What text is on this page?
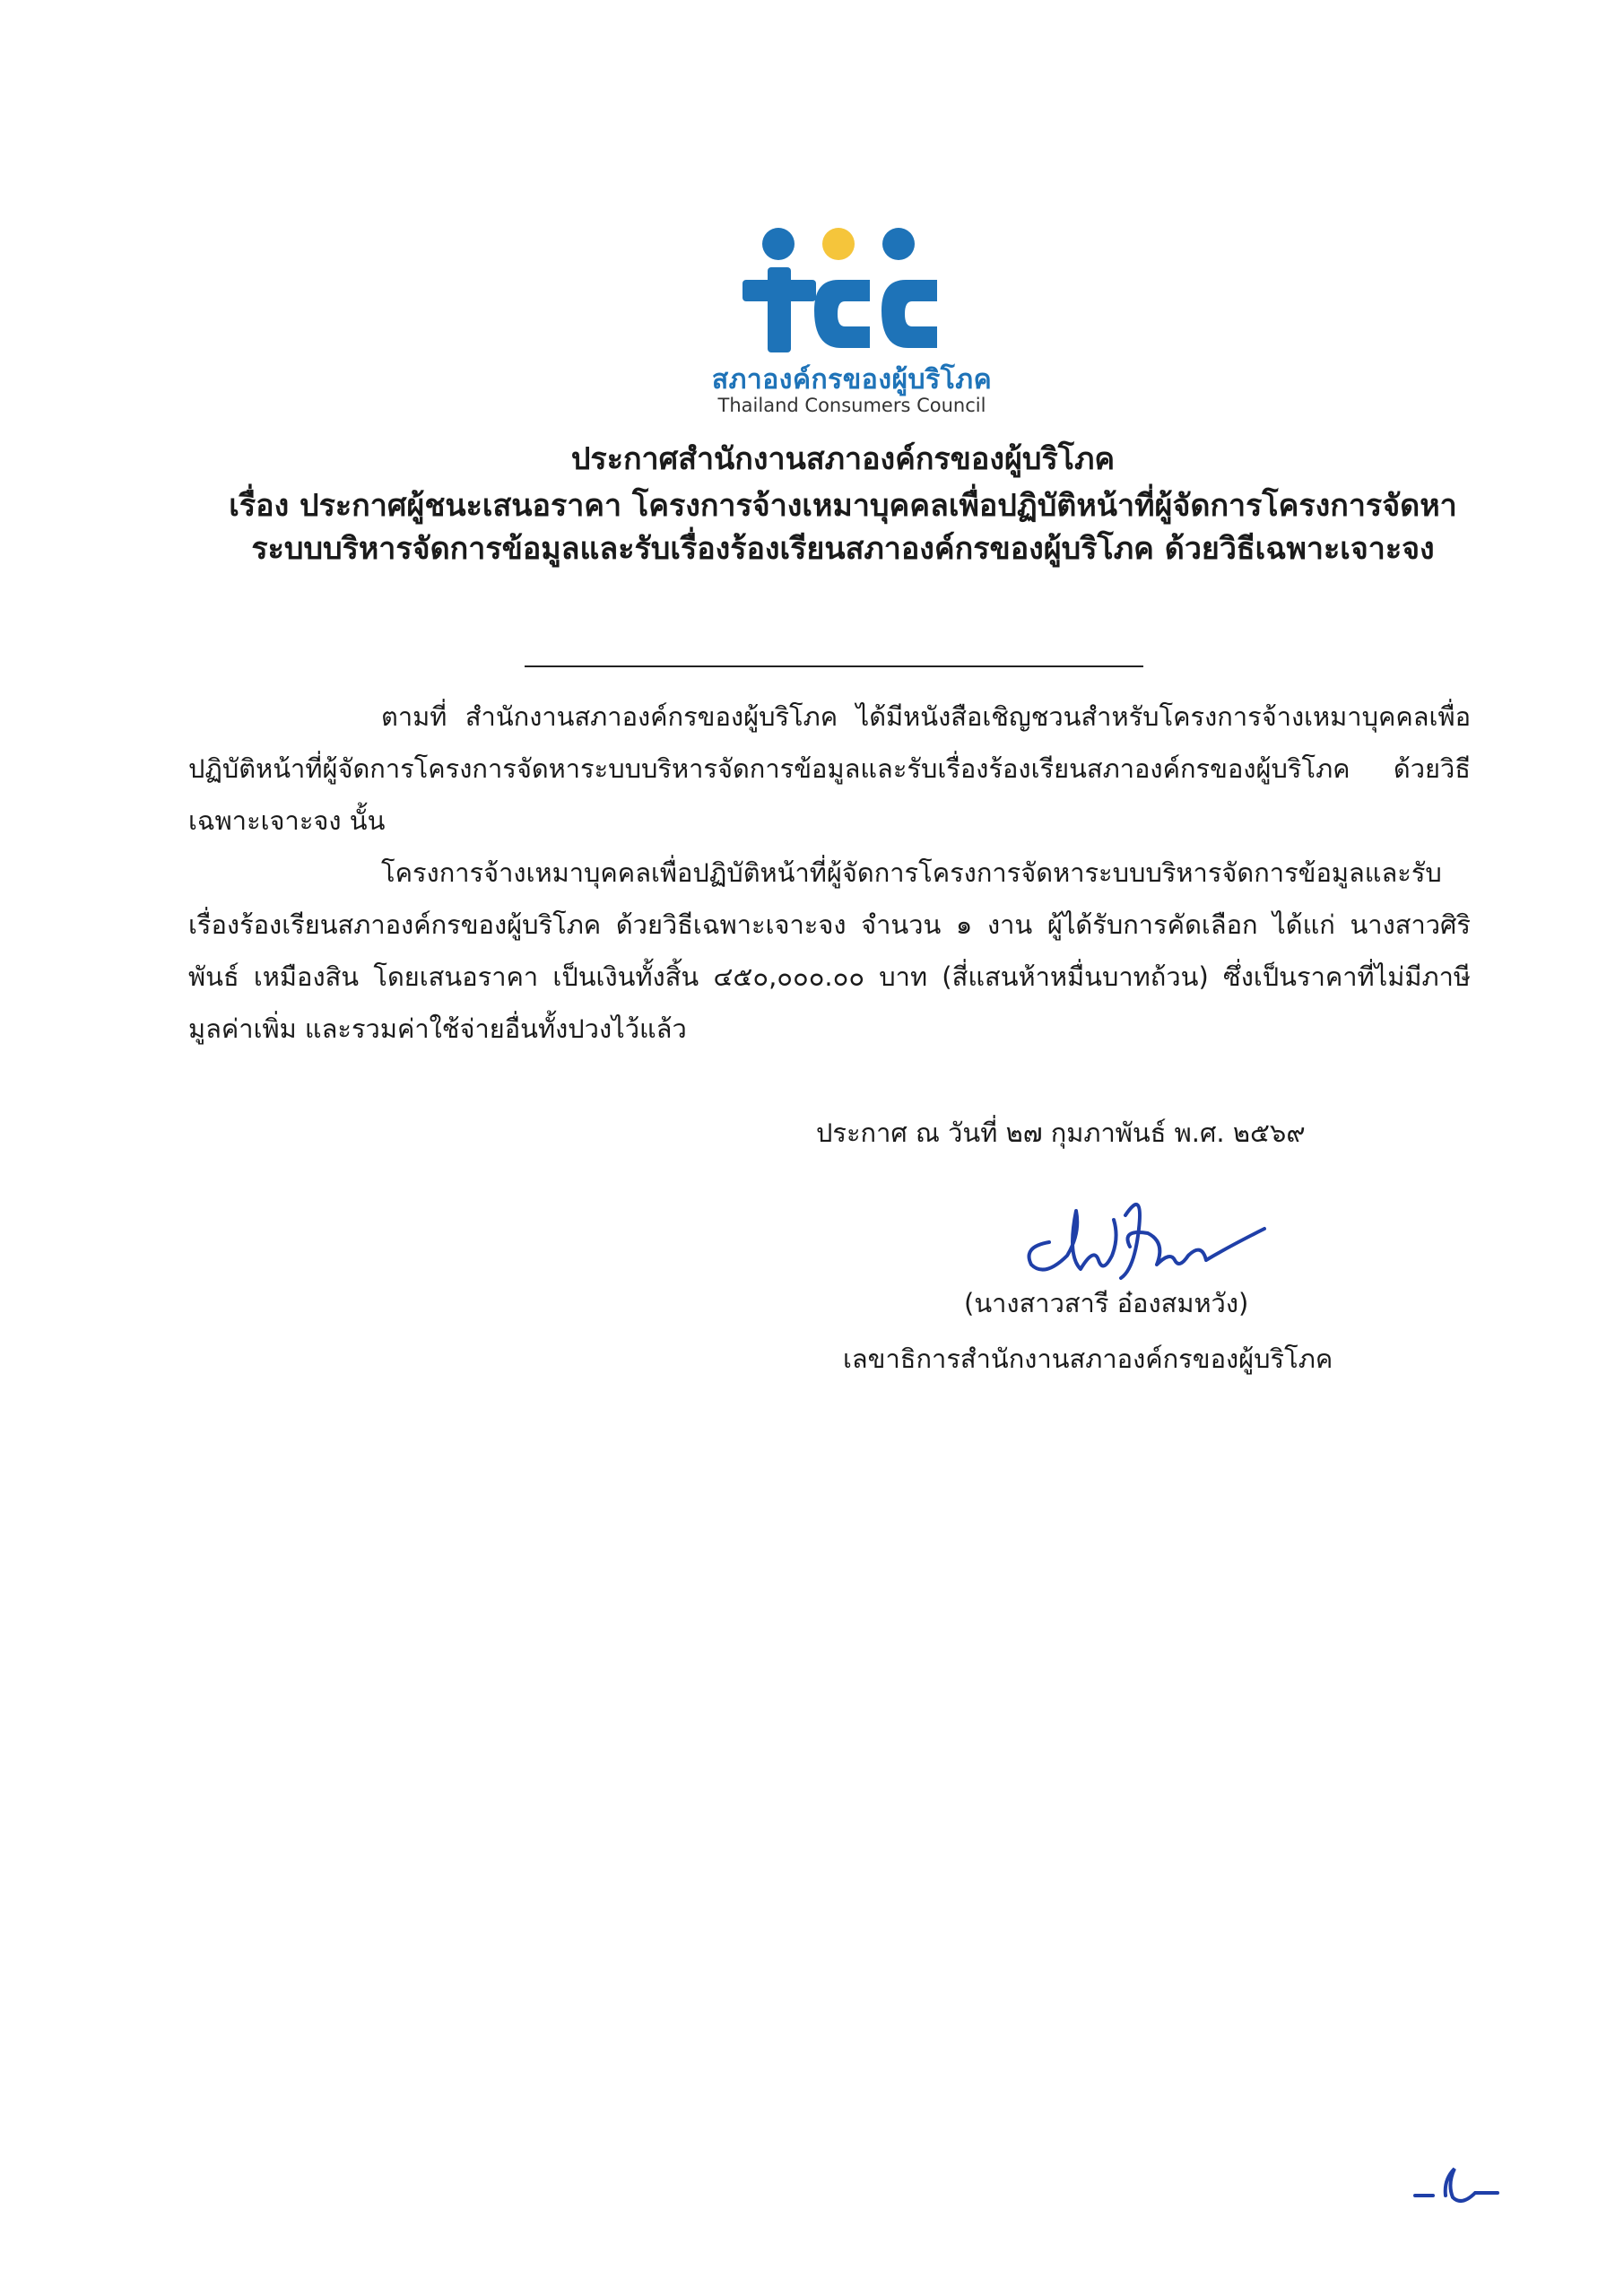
สภาองค์กรของผู้บริโภค
Thailand Consumers Council
ประกาศสำนักงานสภาองค์กรของผู้บริโภค
เรื่อง ประกาศผู้ชนะเสนอราคา โครงการจ้างเหมาบุคคลเพื่อปฏิบัติหน้าที่ผู้จัดการโครงการจัดหา
ระบบบริหารจัดการข้อมูลและรับเรื่องร้องเรียนสภาองค์กรของผู้บริโภค ด้วยวิธีเฉพาะเจาะจง

ตามที่ สำนักงานสภาองค์กรของผู้บริโภค ได้มีหนังสือเชิญชวนสำหรับโครงการจ้างเหมาบุคคลเพื่อปฏิบัติหน้าที่ผู้จัดการโครงการจัดหาระบบบริหารจัดการข้อมูลและรับเรื่องร้องเรียนสภาองค์กรของผู้บริโภค ด้วยวิธีเฉพาะเจาะจง นั้น

โครงการจ้างเหมาบุคคลเพื่อปฏิบัติหน้าที่ผู้จัดการโครงการจัดหาระบบบริหารจัดการข้อมูลและรับเรื่องร้องเรียนสภาองค์กรของผู้บริโภค ด้วยวิธีเฉพาะเจาะจง จำนวน ๑ งาน ผู้ได้รับการคัดเลือก ได้แก่ นางสาวศิริพันธ์ เหมืองสิน โดยเสนอราคา เป็นเงินทั้งสิ้น ๔๕๐,๐๐๐.๐๐ บาท (สี่แสนห้าหมื่นบาทถ้วน) ซึ่งเป็นราคาที่ไม่มีภาษีมูลค่าเพิ่ม และรวมค่าใช้จ่ายอื่นทั้งปวงไว้แล้ว

ประกาศ ณ วันที่ ๒๗ กุมภาพันธ์ พ.ศ. ๒๕๖๙
(นางสาวสารี อ๋องสมหวัง)
เลขาธิการสำนักงานสภาองค์กรของผู้บริโภค
